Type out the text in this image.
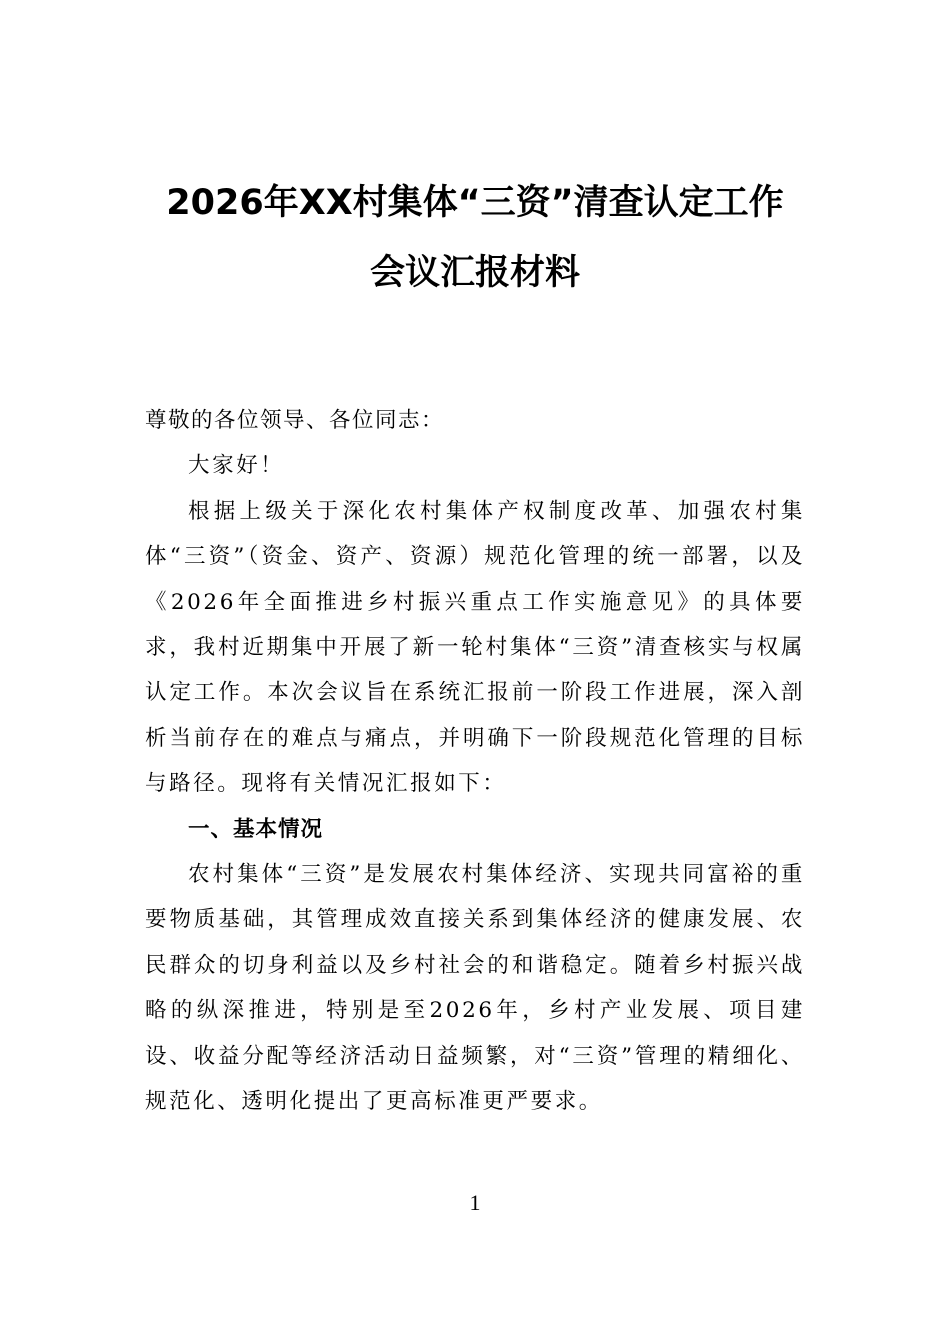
2026年XX村集体“三资”清查认定工作
会议汇报材料

尊敬的各位领导、各位同志：

大家好！

根据上级关于深化农村集体产权制度改革、加强农村集体“三资”（资金、资产、资源）规范化管理的统一部署，以及《2026年全面推进乡村振兴重点工作实施意见》的具体要求，我村近期集中开展了新一轮村集体“三资”清查核实与权属认定工作。本次会议旨在系统汇报前一阶段工作进展，深入剖析当前存在的难点与痛点，并明确下一阶段规范化管理的目标与路径。现将有关情况汇报如下：

一、基本情况

农村集体“三资”是发展农村集体经济、实现共同富裕的重要物质基础，其管理成效直接关系到集体经济的健康发展、农民群众的切身利益以及乡村社会的和谐稳定。随着乡村振兴战略的纵深推进，特别是至2026年，乡村产业发展、项目建设、收益分配等经济活动日益频繁，对“三资”管理的精细化、规范化、透明化提出了更高标准更严要求。

1
